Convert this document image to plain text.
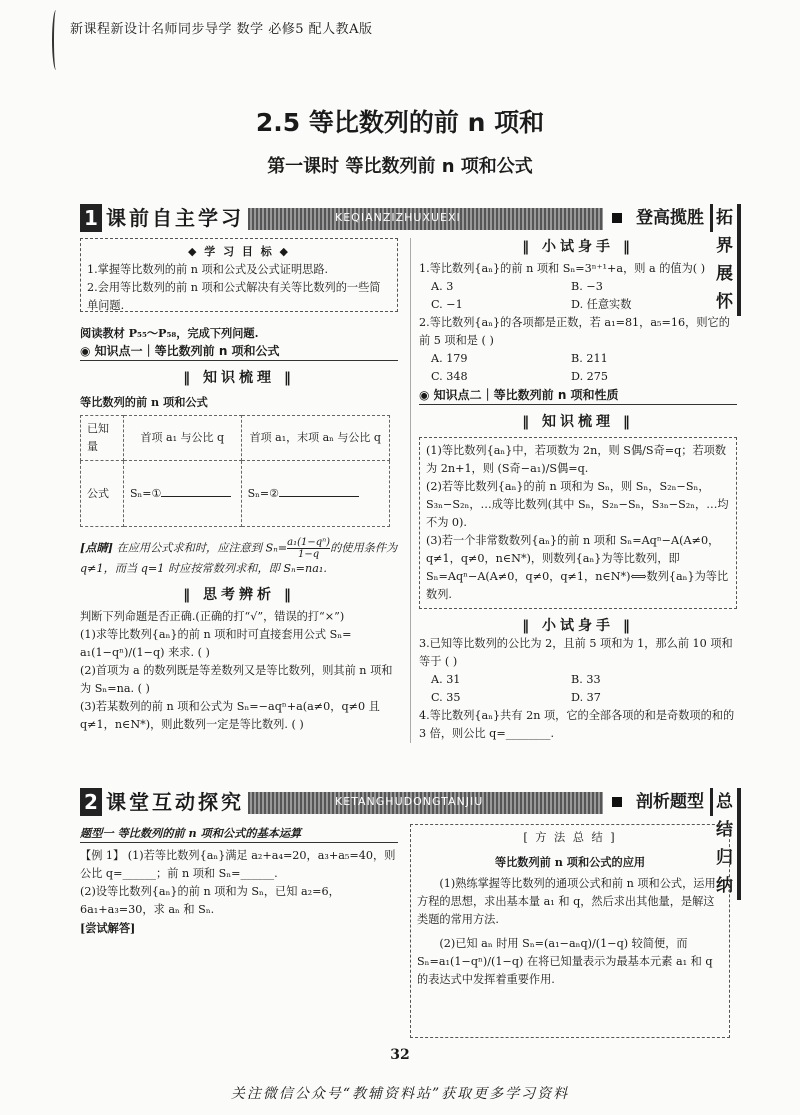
新课程新设计名师同步导学 数学 必修5 配人教A版
2.5 等比数列的前 n 项和
第一课时 等比数列前 n 项和公式
1 课前自主学习	KEQIANZIZHUXUEXI	登高揽胜 拓界展怀
◆ 学 习 目 标 ◆
1.掌握等比数列的前 n 项和公式及公式证明思路.
2.会用等比数列的前 n 项和公式解决有关等比数列的一些简单问题.
阅读教材 P₅₅～P₅₈，完成下列问题.
◉ 知识点一｜等比数列前 n 项和公式
‖ 知识梳理 ‖
等比数列的前 n 项和公式
已知量	首项 a₁ 与公比 q	首项 a₁，末项 aₙ 与公比 q
公式	Sₙ=①	Sₙ=②
[点睛] 在应用公式求和时，应注意到 $S_n= \frac{\text{a₁(1−qⁿ)}}{1-q}$ 的使用条件为 q≠1，而当 q=1 时应按常数列求和，即 Sₙ=na₁.
‖ 思考辨析 ‖
判断下列命题是否正确.(正确的打“√”，错误的打“×”)
(1)求等比数列{aₙ}的前 n 项和时可直接套用公式 Sₙ= a₁(1−qⁿ)/(1−q) 来求. ( )
(2)首项为 a 的数列既是等差数列又是等比数列，则其前 n 项和为 Sₙ=na. ( )
(3)若某数列的前 n 项和公式为 Sₙ=−aqⁿ+a(a≠0，q≠0 且 q≠1，n∈N*)，则此数列一定是等比数列. ( )
‖ 小试身手 ‖
1.等比数列{aₙ}的前 n 项和 Sₙ=3ⁿ⁺¹+a，则 a 的值为( )
A. 3	B. −3
C. −1	D. 任意实数
2.等比数列{aₙ}的各项都是正数，若 a₁=81，a₅=16，则它的前 5 项和是 ( )
A. 179	B. 211
C. 348	D. 275
◉ 知识点二｜等比数列前 n 项和性质
‖ 知识梳理 ‖
(1)等比数列{aₙ}中，若项数为 2n，则 S偶/S奇=q；若项数为 2n+1，则 (S奇−a₁)/S偶=q.
(2)若等比数列{aₙ}的前 n 项和为 Sₙ，则 Sₙ，S₂ₙ−Sₙ，S₃ₙ−S₂ₙ，…成等比数列(其中 Sₙ，S₂ₙ−Sₙ，S₃ₙ−S₂ₙ，…均不为 0).
(3)若一个非常数数列{aₙ}的前 n 项和 Sₙ=Aqⁿ−A(A≠0，q≠1，q≠0，n∈N*)，则数列{aₙ}为等比数列，即 Sₙ=Aqⁿ−A(A≠0，q≠0，q≠1，n∈N*)⟺数列{aₙ}为等比数列.
‖ 小试身手 ‖
3.已知等比数列的公比为 2，且前 5 项和为 1，那么前 10 项和等于 ( )
A. 31	B. 33
C. 35	D. 37
4.等比数列{aₙ}共有 2n 项，它的全部各项的和是奇数项的和的 3 倍，则公比 q=________.
2 课堂互动探究	KETANGHUDONGTANJIU	剖析题型 总结归纳
题型一 等比数列的前 n 项和公式的基本运算
【例 1】 (1)若等比数列{aₙ}满足 a₂+a₄=20，a₃+a₅=40，则公比 q=______；前 n 项和 Sₙ=______.
(2)设等比数列{aₙ}的前 n 项和为 Sₙ，已知 a₂=6，6a₁+a₃=30，求 aₙ 和 Sₙ.
[尝试解答]
[ 方 法 总 结 ]
等比数列前 n 项和公式的应用
(1)熟练掌握等比数列的通项公式和前 n 项和公式，运用方程的思想，求出基本量 a₁ 和 q，然后求出其他量，是解这类题的常用方法.
(2)已知 aₙ 时用 Sₙ=(a₁−aₙq)/(1−q) 较简便，而 Sₙ=a₁(1−qⁿ)/(1−q) 在将已知量表示为最基本元素 a₁ 和 q 的表达式中发挥着重要作用.
32
关注微信公众号“教辅资料站”获取更多学习资料
